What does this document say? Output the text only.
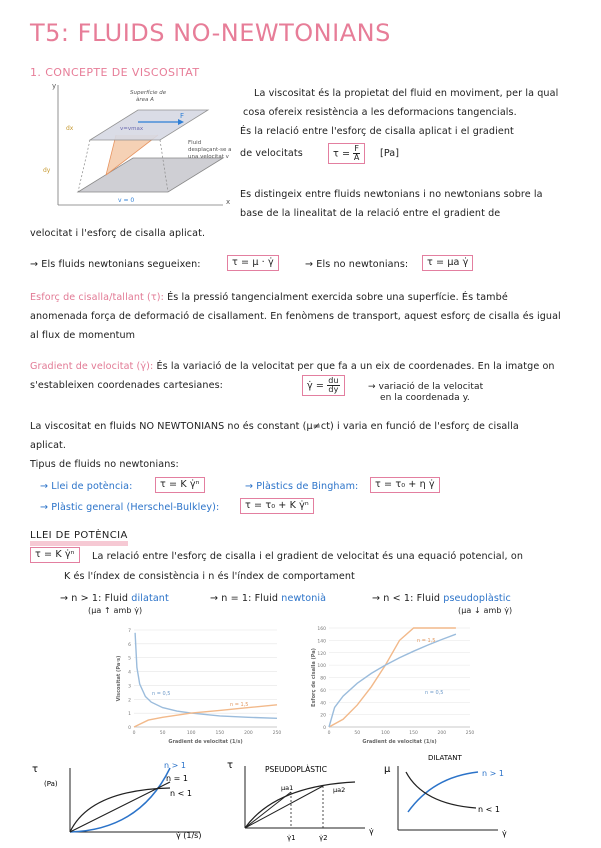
T5: FLUIDS NO-NEWTONIANS
1. CONCEPTE DE VISCOSITAT
F
v=vmax
Superfície de
àrea A
Fluid
desplaçant-se a
una velocitat v
dx
dy
v = 0	x
y
La viscositat és la propietat del fluid en moviment, per la qual
cosa ofereix resistència a les deformacions tangencials.
És la relació entre l'esforç de cisalla aplicat i el gradient
de velocitats	$\tau = \frac{F}{A} [Pa]$
Es distingeix entre fluids newtonians i no newtonians sobre la
base de la linealitat de la relació entre el gradient de
velocitat i l'esforç de cisalla aplicat.
→ Els fluids newtonians segueixen:	τ = μ · γ̇	→ Els no newtonians:	τ = μa γ̇
Esforç de cisalla/tallant (τ): És la pressió tangencialment exercida sobre una superfície. És també
anomenada força de deformació de cisallament. En fenòmens de transport, aquest esforç de cisalla és igual
al flux de momentum
Gradient de velocitat (γ̇): És la variació de la velocitat per que fa a un eix de coordenades. En la imatge on
s'estableixen coordenades cartesianes:	γ̇ = $\frac{du}{dy}$	→ variació de la velocitat
en la coordenada y.
La viscositat en fluids NO NEWTONIANS no és constant (μ≠ct) i varia en funció de l'esforç de cisalla
aplicat.
Tipus de fluids no newtonians:
→ Llei de potència:	τ = K γ̇ⁿ	→ Plàstics de Bingham:	τ = τ₀ + η γ̇
→ Plàstic general (Herschel-Bulkley):	τ = τ₀ + K γ̇ⁿ
LLEI DE POTÈNCIA
τ = K γ̇ⁿ	La relació entre l'esforç de cisalla i el gradient de velocitat és una equació potencial, on
K és l'índex de consistència i n és l'índex de comportament
→ n > 1: Fluid dilatant
(μa ↑ amb γ̇)
→ n = 1: Fluid newtonià	→ n < 1: Fluid pseudoplàstic
(μa ↓ amb γ̇)
0
1
2
3
4
5
6
7
0	50	100	150	200	250
Gradient de velocitat (1/s)
Viscositat (Pa·s)	n = 0,5
n = 1,5
0
20
40
60
80
100
120
140
160
0	50	100	150	200	250
Gradient de velocitat (1/s)
Esforç de cisalla (Pa)
n = 1,5
n = 0,5
τ
(Pa)
n > 1
n = 1
n < 1
γ̇ (1/s)
τ	PSEUDOPLÀSTIC
μa1	μa2
γ̇1	γ̇2
γ̇
DILATANT
μ	n > 1
n < 1
γ̇
